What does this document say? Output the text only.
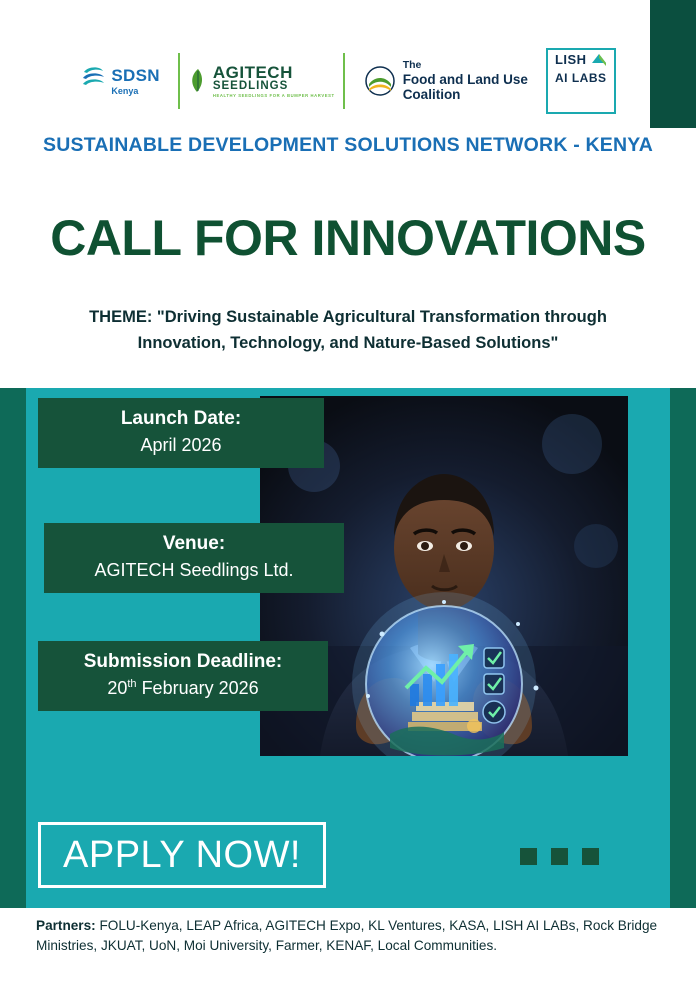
SDSN
Kenya
AGITECH
SEEDLINGS
HEALTHY SEEDLINGS FOR A BUMPER HARVEST
The
Food and Land Use
Coalition
LISH
AI LABS
SUSTAINABLE DEVELOPMENT SOLUTIONS NETWORK - KENYA
CALL FOR INNOVATIONS
THEME: "Driving Sustainable Agricultural Transformation through Innovation, Technology, and Nature-Based Solutions"
Launch Date:
April 2026
Venue:
AGITECH Seedlings Ltd.
Submission Deadline:
20th February 2026
APPLY NOW!
Partners: FOLU-Kenya, LEAP Africa, AGITECH Expo, KL Ventures, KASA, LISH AI LABs, Rock Bridge Ministries, JKUAT, UoN, Moi University, Farmer, KENAF, Local Communities.
